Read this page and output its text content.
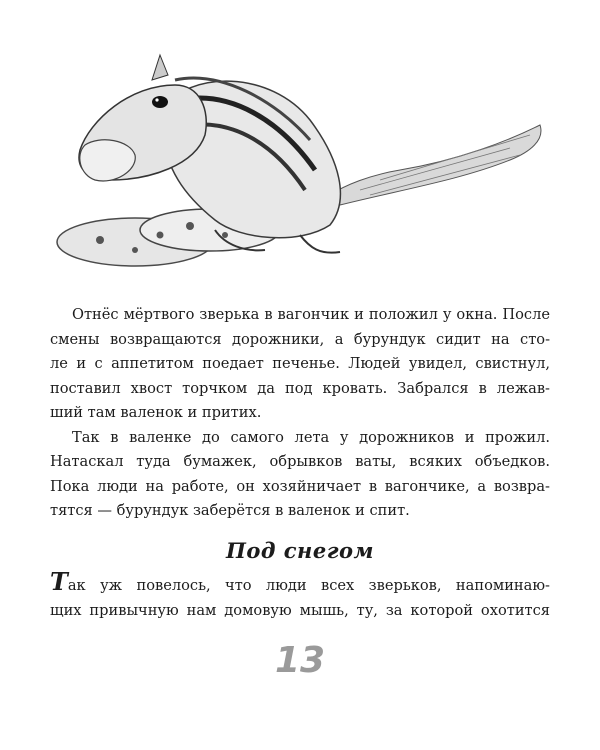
Отнёс мёртвого зверька в вагончик и положил у окна. После
смены возвращаются дорожники, а бурундук сидит на сто-
ле и с аппетитом поедает печенье. Людей увидел, свистнул,
поставил хвост торчком да под кровать. Забрался в лежав-
ший там валенок и притих.
Так в валенке до самого лета у дорожников и прожил.
Натаскал туда бумажек, обрывков ваты, всяких объедков.
Пока люди на работе, он хозяйничает в вагончике, а возвра-
тятся — бурундук заберётся в валенок и спит.
Под снегом
Так уж повелось, что люди всех зверьков, напоминаю-
щих привычную нам домовую мышь, ту, за которой охотится
13
